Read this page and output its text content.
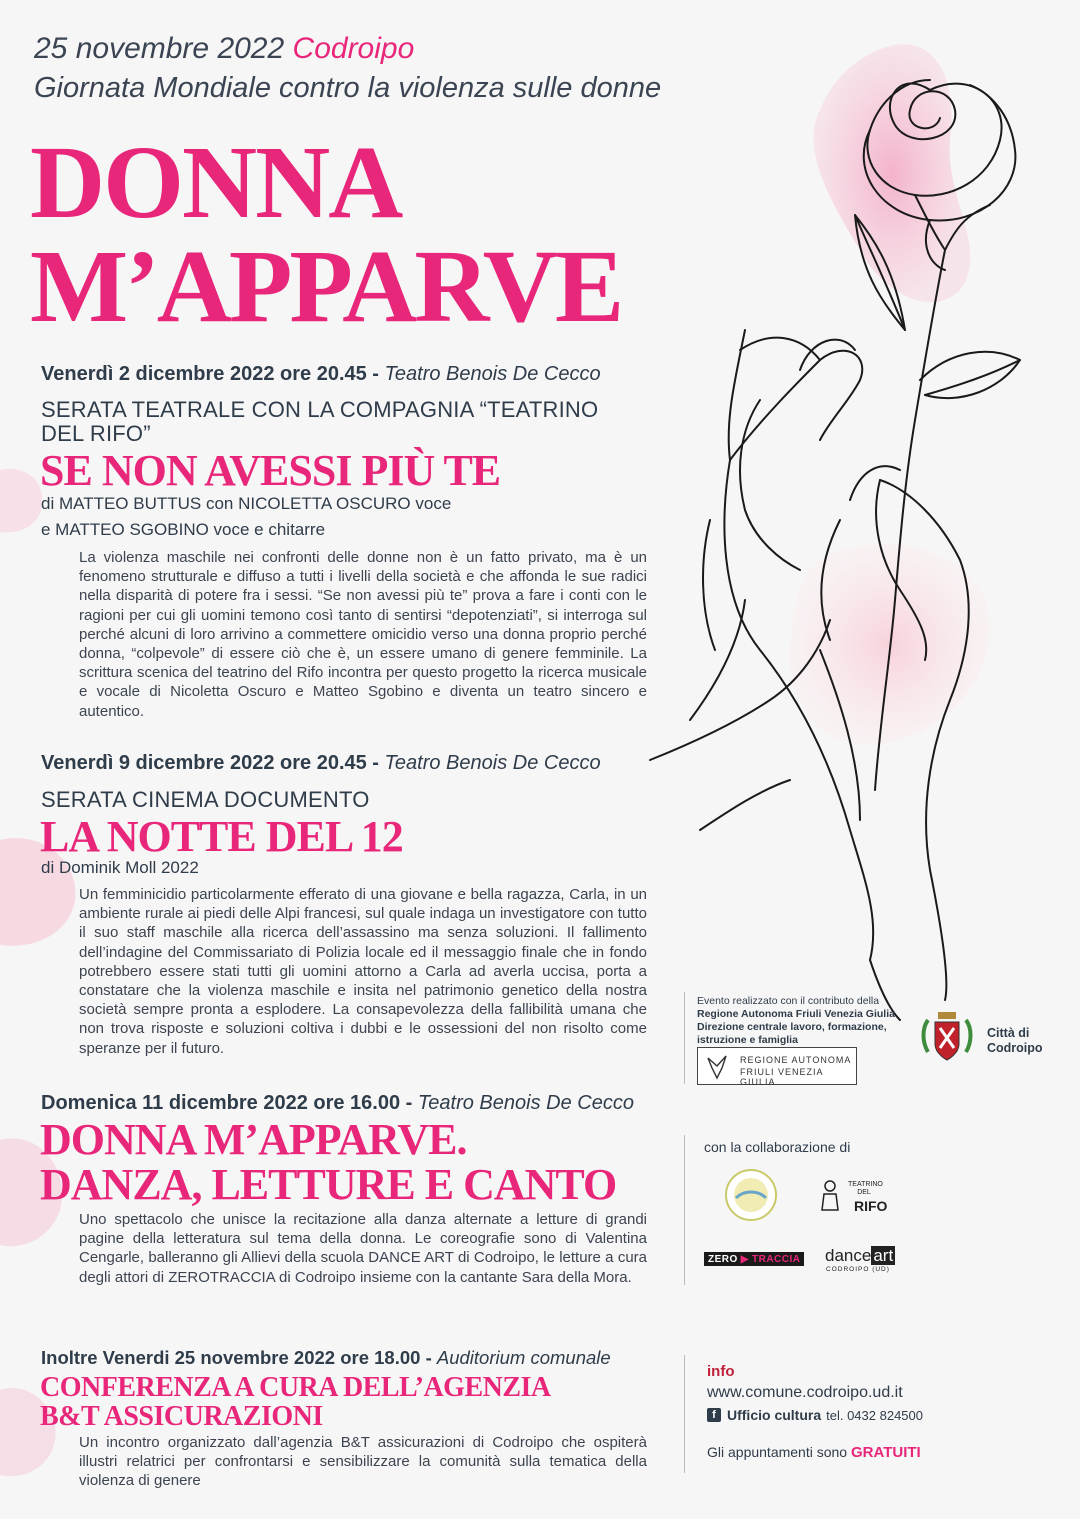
25 novembre 2022 Codroipo
Giornata Mondiale contro la violenza sulle donne
DONNA
M’APPARVE
Venerdì 2 dicembre 2022 ore 20.45 - Teatro Benois De Cecco
SERATA TEATRALE CON LA COMPAGNIA “TEATRINO DEL RIFO”
SE NON AVESSI PIÙ TE
di MATTEO BUTTUS con NICOLETTA OSCURO voce
e MATTEO SGOBINO voce e chitarre
La violenza maschile nei confronti delle donne non è un fatto privato, ma è un fenomeno strutturale e diffuso a tutti i livelli della società e che affonda le sue radici nella disparità di potere fra i sessi. “Se non avessi più te” prova a fare i conti con le ragioni per cui gli uomini temono così tanto di sentirsi “depotenziati”, si interroga sul perché alcuni di loro arrivino a commettere omicidio verso una donna proprio perché donna, “colpevole” di essere ciò che è, un essere umano di genere femminile. La scrittura scenica del teatrino del Rifo incontra per questo progetto la ricerca musicale e vocale di Nicoletta Oscuro e Matteo Sgobino e diventa un teatro sincero e autentico.
Venerdì 9 dicembre 2022 ore 20.45 - Teatro Benois De Cecco
SERATA CINEMA DOCUMENTO
LA NOTTE DEL 12
di Dominik Moll 2022
Un femminicidio particolarmente efferato di una giovane e bella ragazza, Carla, in un ambiente rurale ai piedi delle Alpi francesi, sul quale indaga un investigatore con tutto il suo staff maschile alla ricerca dell’assassino ma senza soluzioni. Il fallimento dell’indagine del Commissariato di Polizia locale ed il messaggio finale che in fondo potrebbero essere stati tutti gli uomini attorno a Carla ad averla uccisa, porta a constatare che la violenza maschile e insita nel patrimonio genetico della nostra società sempre pronta a esplodere. La consapevolezza della fallibilità umana che non trova risposte e soluzioni coltiva i dubbi e le ossessioni del non risolto come speranze per il futuro.
Domenica 11 dicembre 2022 ore 16.00 - Teatro Benois De Cecco
DONNA M’APPARVE.
DANZA, LETTURE E CANTO
Uno spettacolo che unisce la recitazione alla danza alternate a letture di grandi pagine della letteratura sul tema della donna. Le coreografie sono di Valentina Cengarle, balleranno gli Allievi della scuola DANCE ART di Codroipo, le letture a cura degli attori di ZEROTRACCIA di Codroipo insieme con la cantante Sara della Mora.
Inoltre Venerdi 25 novembre 2022 ore 18.00 - Auditorium comunale
CONFERENZA A CURA DELL’AGENZIA
B&T ASSICURAZIONI
Un incontro organizzato dall’agenzia B&T assicurazioni di Codroipo che ospiterà illustri relatrici per confrontarsi e sensibilizzare la comunità sulla tematica della violenza di genere
Evento realizzato con il contributo della
Regione Autonoma Friuli Venezia Giulia
Direzione centrale lavoro, formazione, istruzione e famiglia
REGIONE AUTONOMA
FRIULI VENEZIA GIULIA
Città di
Codroipo
con la collaborazione di
TEATRINO
DEL
RIFO
ZERO ▶ TRACCIA dance art
CODROIPO (UD)
info
www.comune.codroipo.ud.it
f Ufficio cultura tel. 0432 824500
Gli appuntamenti sono GRATUITI
